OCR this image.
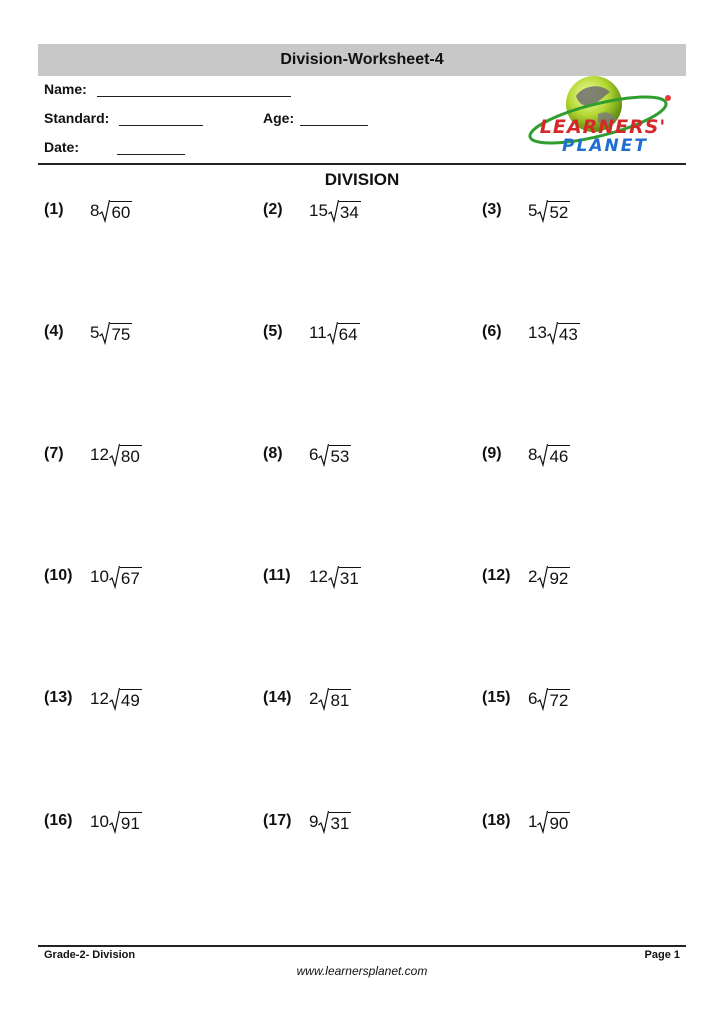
Division-Worksheet-4
Name:
Standard:	Age:
Date:
LEARNERS'
PLANET
DIVISION
(1) 8 60	(2) 15 34	(3) 5 52
(4) 5 75	(5) 11 64	(6) 13 43
(7) 12 80	(8) 6 53	(9) 8 46
(10) 10 67	(11) 12 31	(12) 2 92
(13) 12 49	(14) 2 81	(15) 6 72
(16) 10 91	(17) 9 31	(18) 1 90
Grade-2- Division	Page 1
www.learnersplanet.com
